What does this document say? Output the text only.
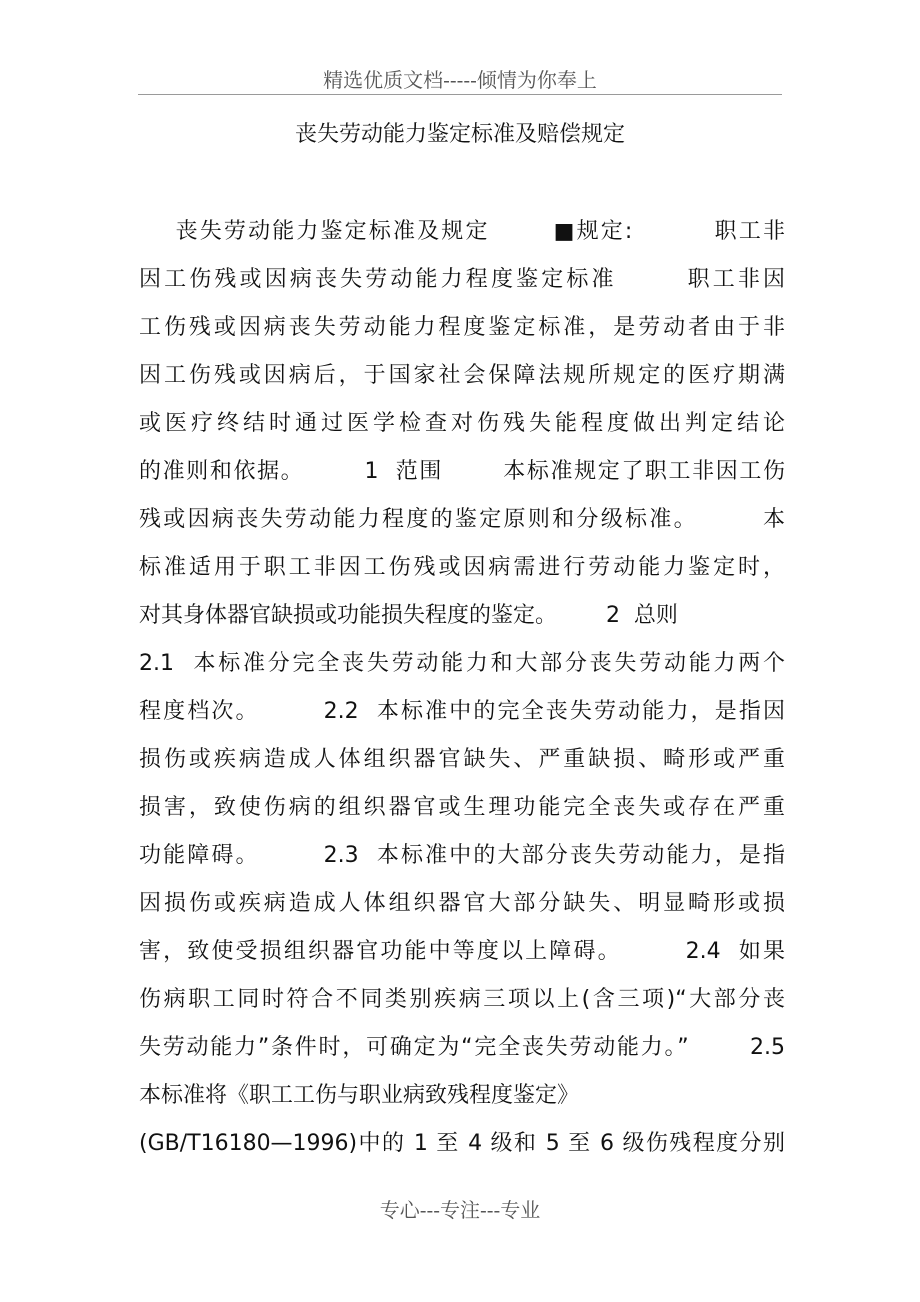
精选优质文档-----倾情为你奉上
丧失劳动能力鉴定标准及赔偿规定
丧失劳动能力鉴定标准及规定       ■规定:         职工非
因工伤残或因病丧失劳动能力程度鉴定标准       职工非因
工伤残或因病丧失劳动能力程度鉴定标准，是劳动者由于非
因工伤残或因病后，于国家社会保障法规所规定的医疗期满
或医疗终结时通过医学检查对伤残失能程度做出判定结论
的准则和依据。       1  范围       本标准规定了职工非因工伤
残或因病丧失劳动能力程度的鉴定原则和分级标准。       本
标准适用于职工非因工伤残或因病需进行劳动能力鉴定时，
对其身体器官缺损或功能损失程度的鉴定。       2  总则
2.1  本标准分完全丧失劳动能力和大部分丧失劳动能力两个
程度档次。       2.2  本标准中的完全丧失劳动能力，是指因
损伤或疾病造成人体组织器官缺失、严重缺损、畸形或严重
损害，致使伤病的组织器官或生理功能完全丧失或存在严重
功能障碍。       2.3  本标准中的大部分丧失劳动能力，是指
因损伤或疾病造成人体组织器官大部分缺失、明显畸形或损
害，致使受损组织器官功能中等度以上障碍。       2.4  如果
伤病职工同时符合不同类别疾病三项以上(含三项)“大部分丧
失劳动能力”条件时，可确定为“完全丧失劳动能力。”       2.5
本标准将《职工工伤与职业病致残程度鉴定》
(GB/T16180—1996)中的 1 至 4 级和 5 至 6 级伤残程度分别
专心---专注---专业
